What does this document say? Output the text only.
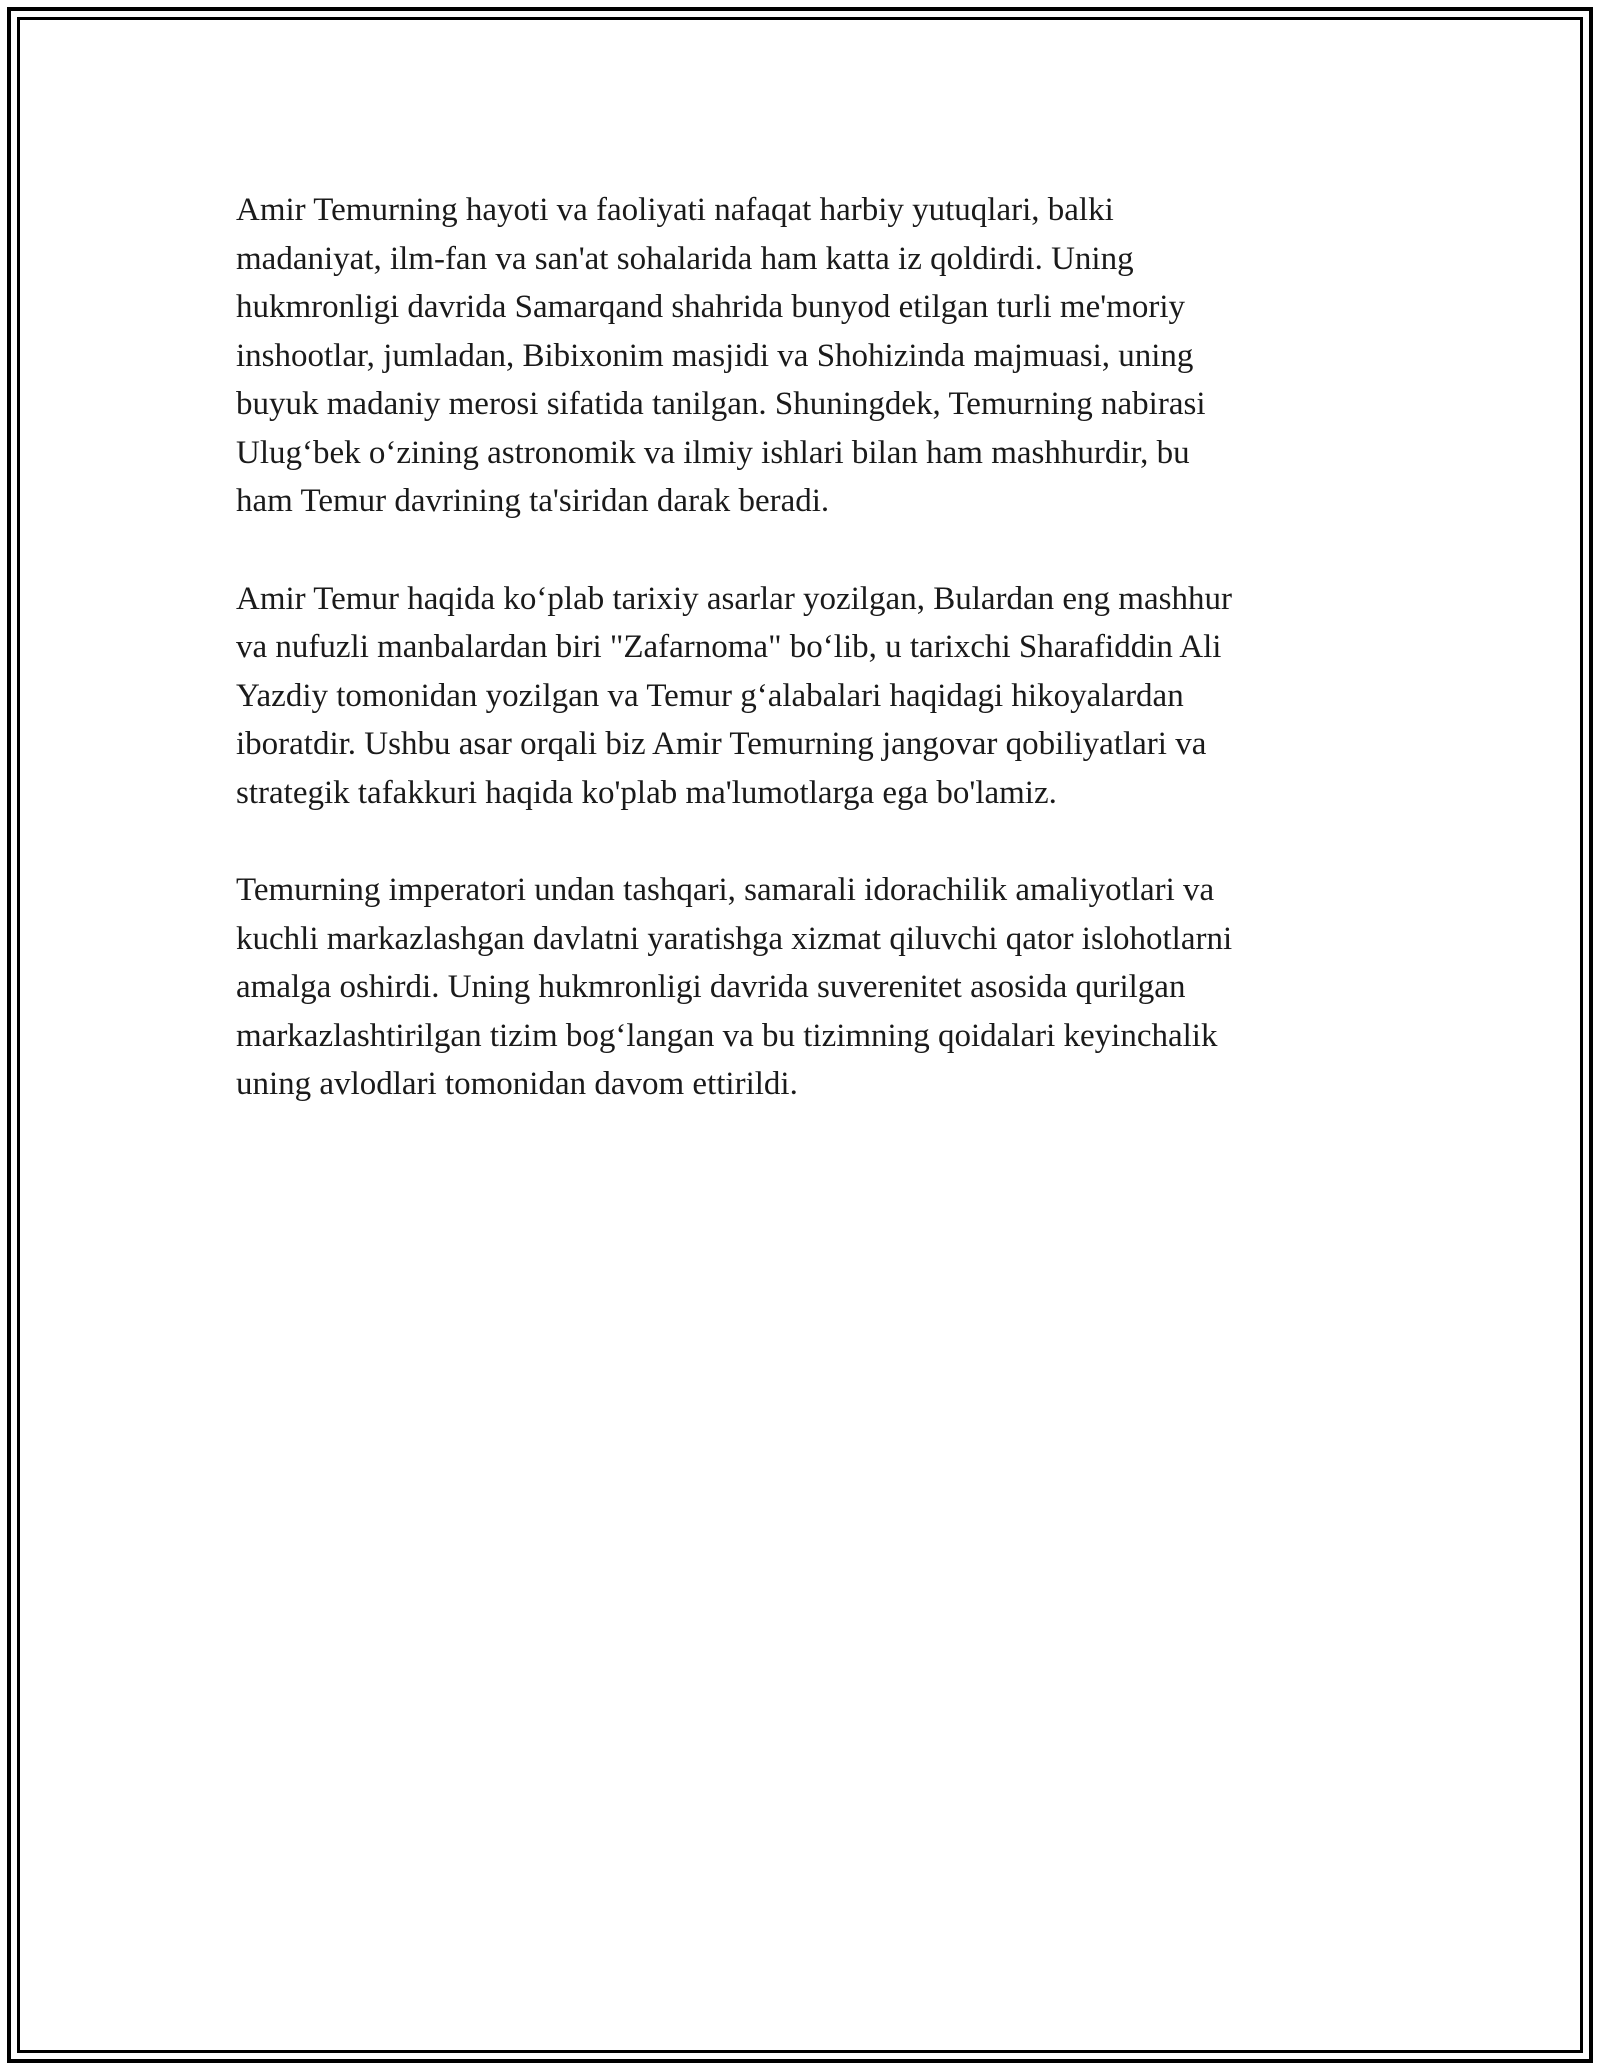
Amir Temurning hayoti va faoliyati nafaqat harbiy yutuqlari, balki
madaniyat, ilm-fan va san'at sohalarida ham katta iz qoldirdi. Uning
hukmronligi davrida Samarqand shahrida bunyod etilgan turli me'moriy
inshootlar, jumladan, Bibixonim masjidi va Shohizinda majmuasi, uning
buyuk madaniy merosi sifatida tanilgan. Shuningdek, Temurning nabirasi
Ulug‘bek o‘zining astronomik va ilmiy ishlari bilan ham mashhurdir, bu
ham Temur davrining ta'siridan darak beradi.

Amir Temur haqida ko‘plab tarixiy asarlar yozilgan, Bulardan eng mashhur
va nufuzli manbalardan biri "Zafarnoma" bo‘lib, u tarixchi Sharafiddin Ali
Yazdiy tomonidan yozilgan va Temur g‘alabalari haqidagi hikoyalardan
iboratdir. Ushbu asar orqali biz Amir Temurning jangovar qobiliyatlari va
strategik tafakkuri haqida ko'plab ma'lumotlarga ega bo'lamiz.

Temurning imperatori undan tashqari, samarali idorachilik amaliyotlari va
kuchli markazlashgan davlatni yaratishga xizmat qiluvchi qator islohotlarni
amalga oshirdi. Uning hukmronligi davrida suverenitet asosida qurilgan
markazlashtirilgan tizim bog‘langan va bu tizimning qoidalari keyinchalik
uning avlodlari tomonidan davom ettirildi.
